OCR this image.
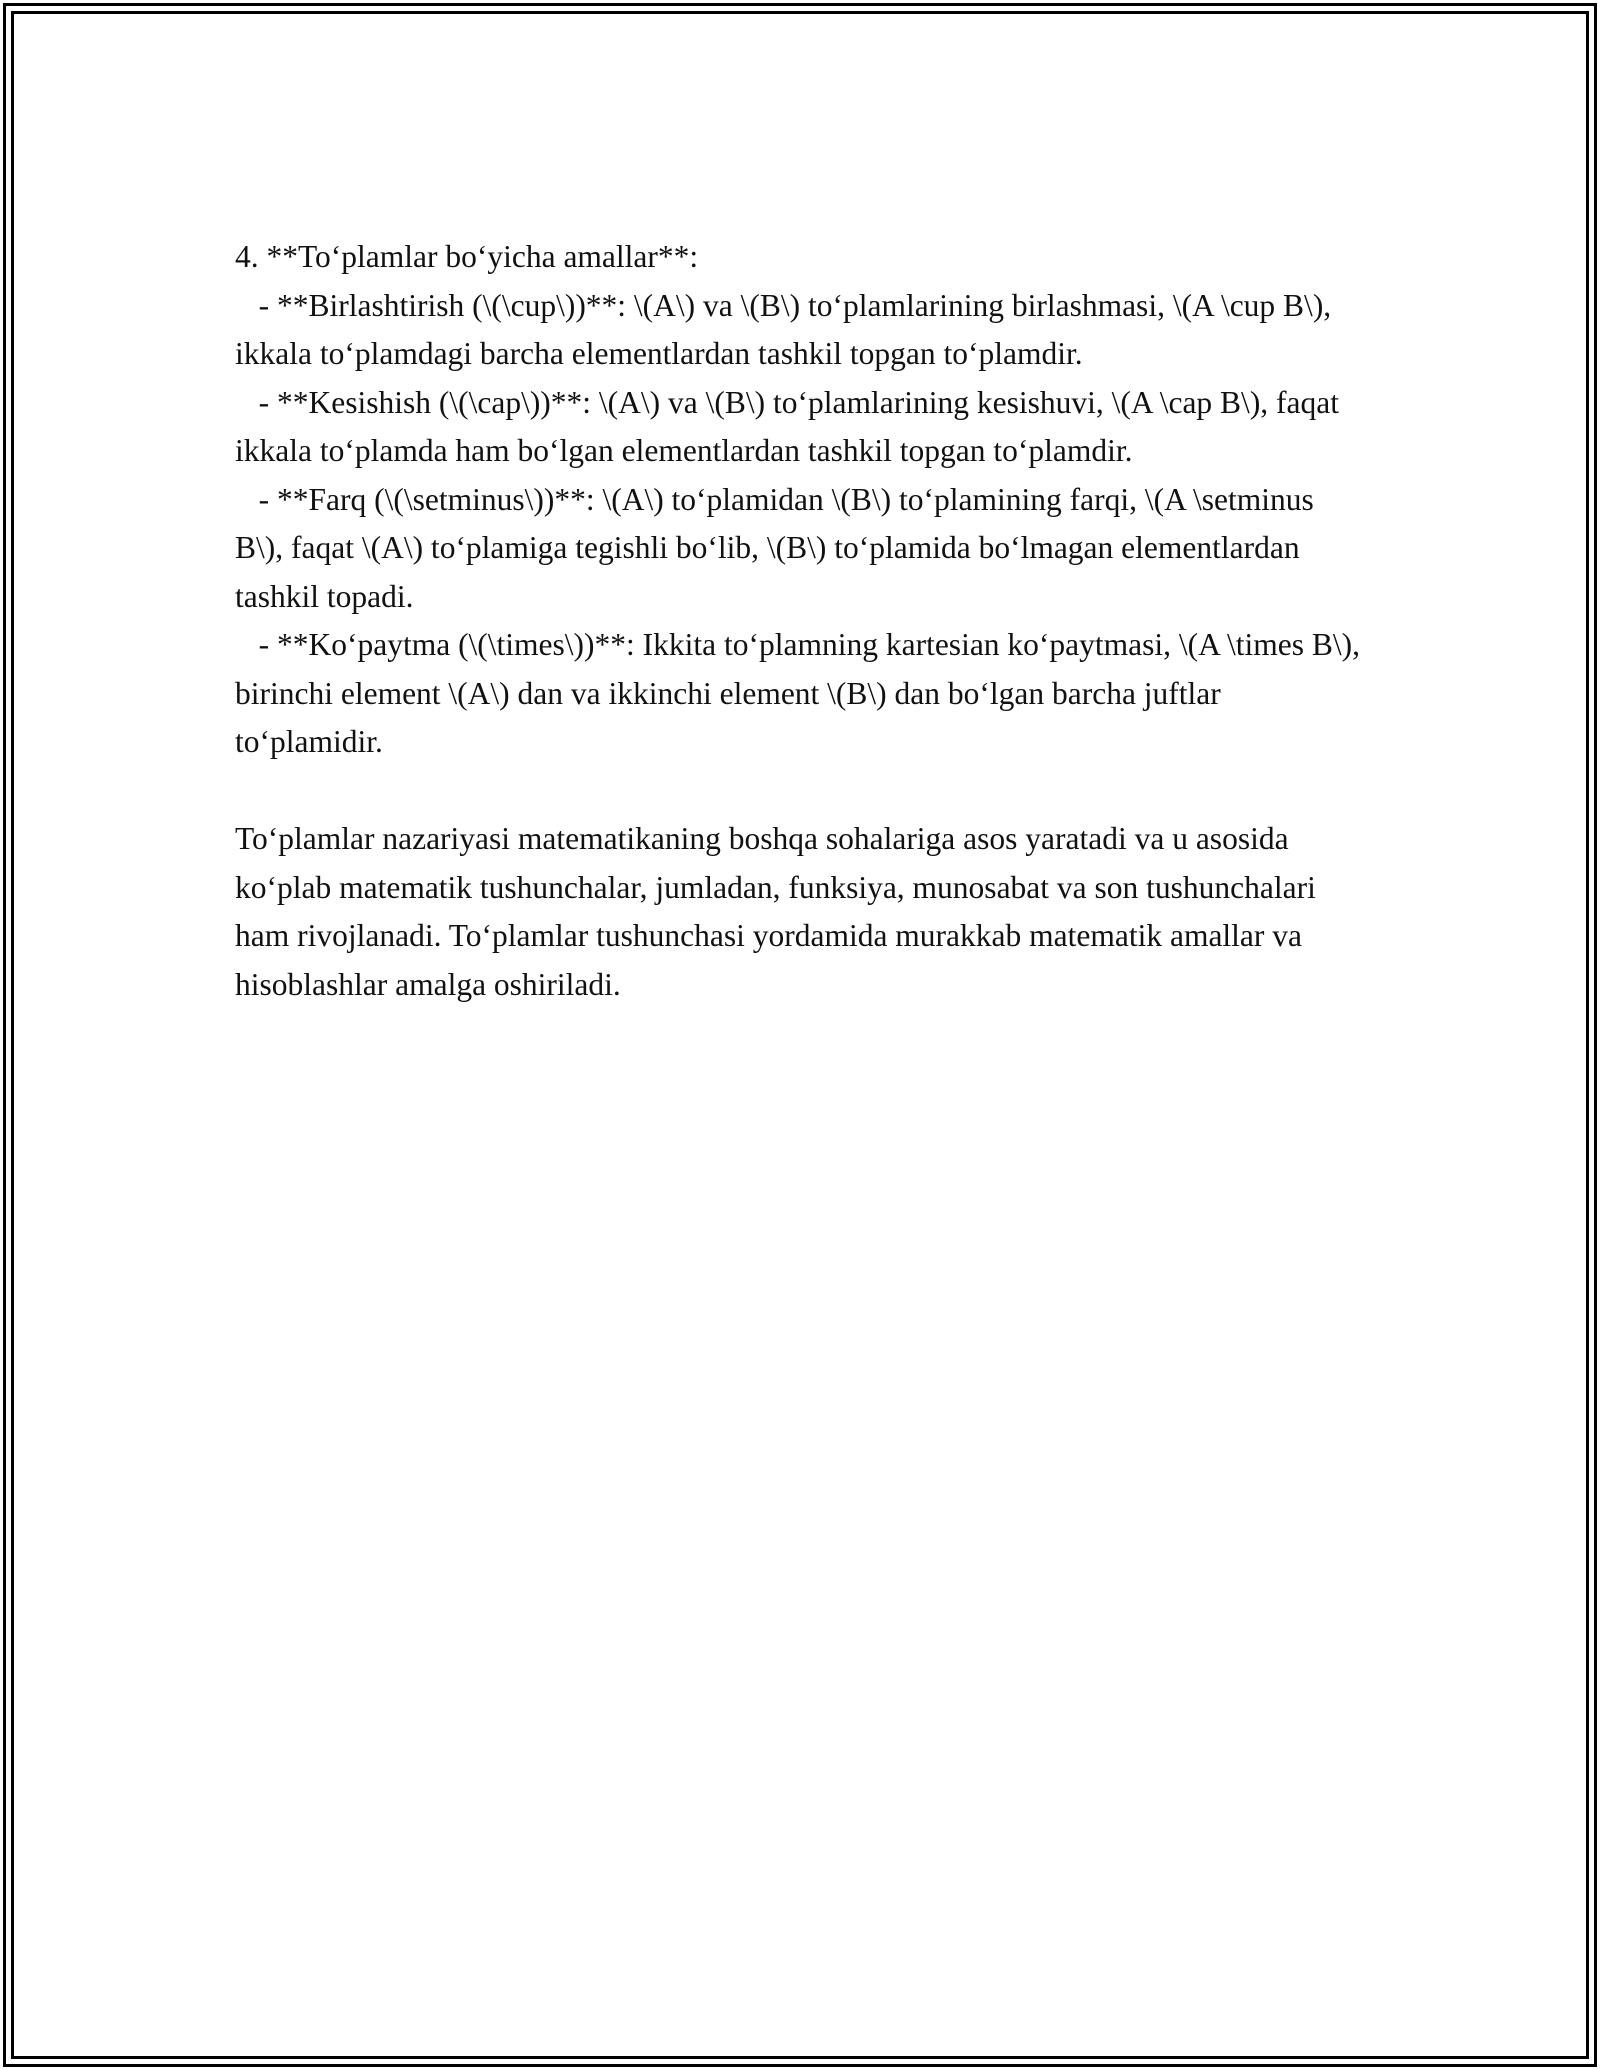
4. **To‘plamlar bo‘yicha amallar**:

- **Birlashtirish (\(\cup\))**: \(A\) va \(B\) to‘plamlarining birlashmasi, \(A \cup B\), ikkala to‘plamdagi barcha elementlardan tashkil topgan to‘plamdir.

- **Kesishish (\(\cap\))**: \(A\) va \(B\) to‘plamlarining kesishuvi, \(A \cap B\), faqat ikkala to‘plamda ham bo‘lgan elementlardan tashkil topgan to‘plamdir.

- **Farq (\(\setminus\))**: \(A\) to‘plamidan \(B\) to‘plamining farqi, \(A \setminus B\), faqat \(A\) to‘plamiga tegishli bo‘lib, \(B\) to‘plamida bo‘lmagan elementlardan tashkil topadi.

- **Ko‘paytma (\(\times\))**: Ikkita to‘plamning kartesian ko‘paytmasi, \(A \times B\), birinchi element \(A\) dan va ikkinchi element \(B\) dan bo‘lgan barcha juftlar to‘plamidir.

To‘plamlar nazariyasi matematikaning boshqa sohalariga asos yaratadi va u asosida ko‘plab matematik tushunchalar, jumladan, funksiya, munosabat va son tushunchalari ham rivojlanadi. To‘plamlar tushunchasi yordamida murakkab matematik amallar va hisoblashlar amalga oshiriladi.
